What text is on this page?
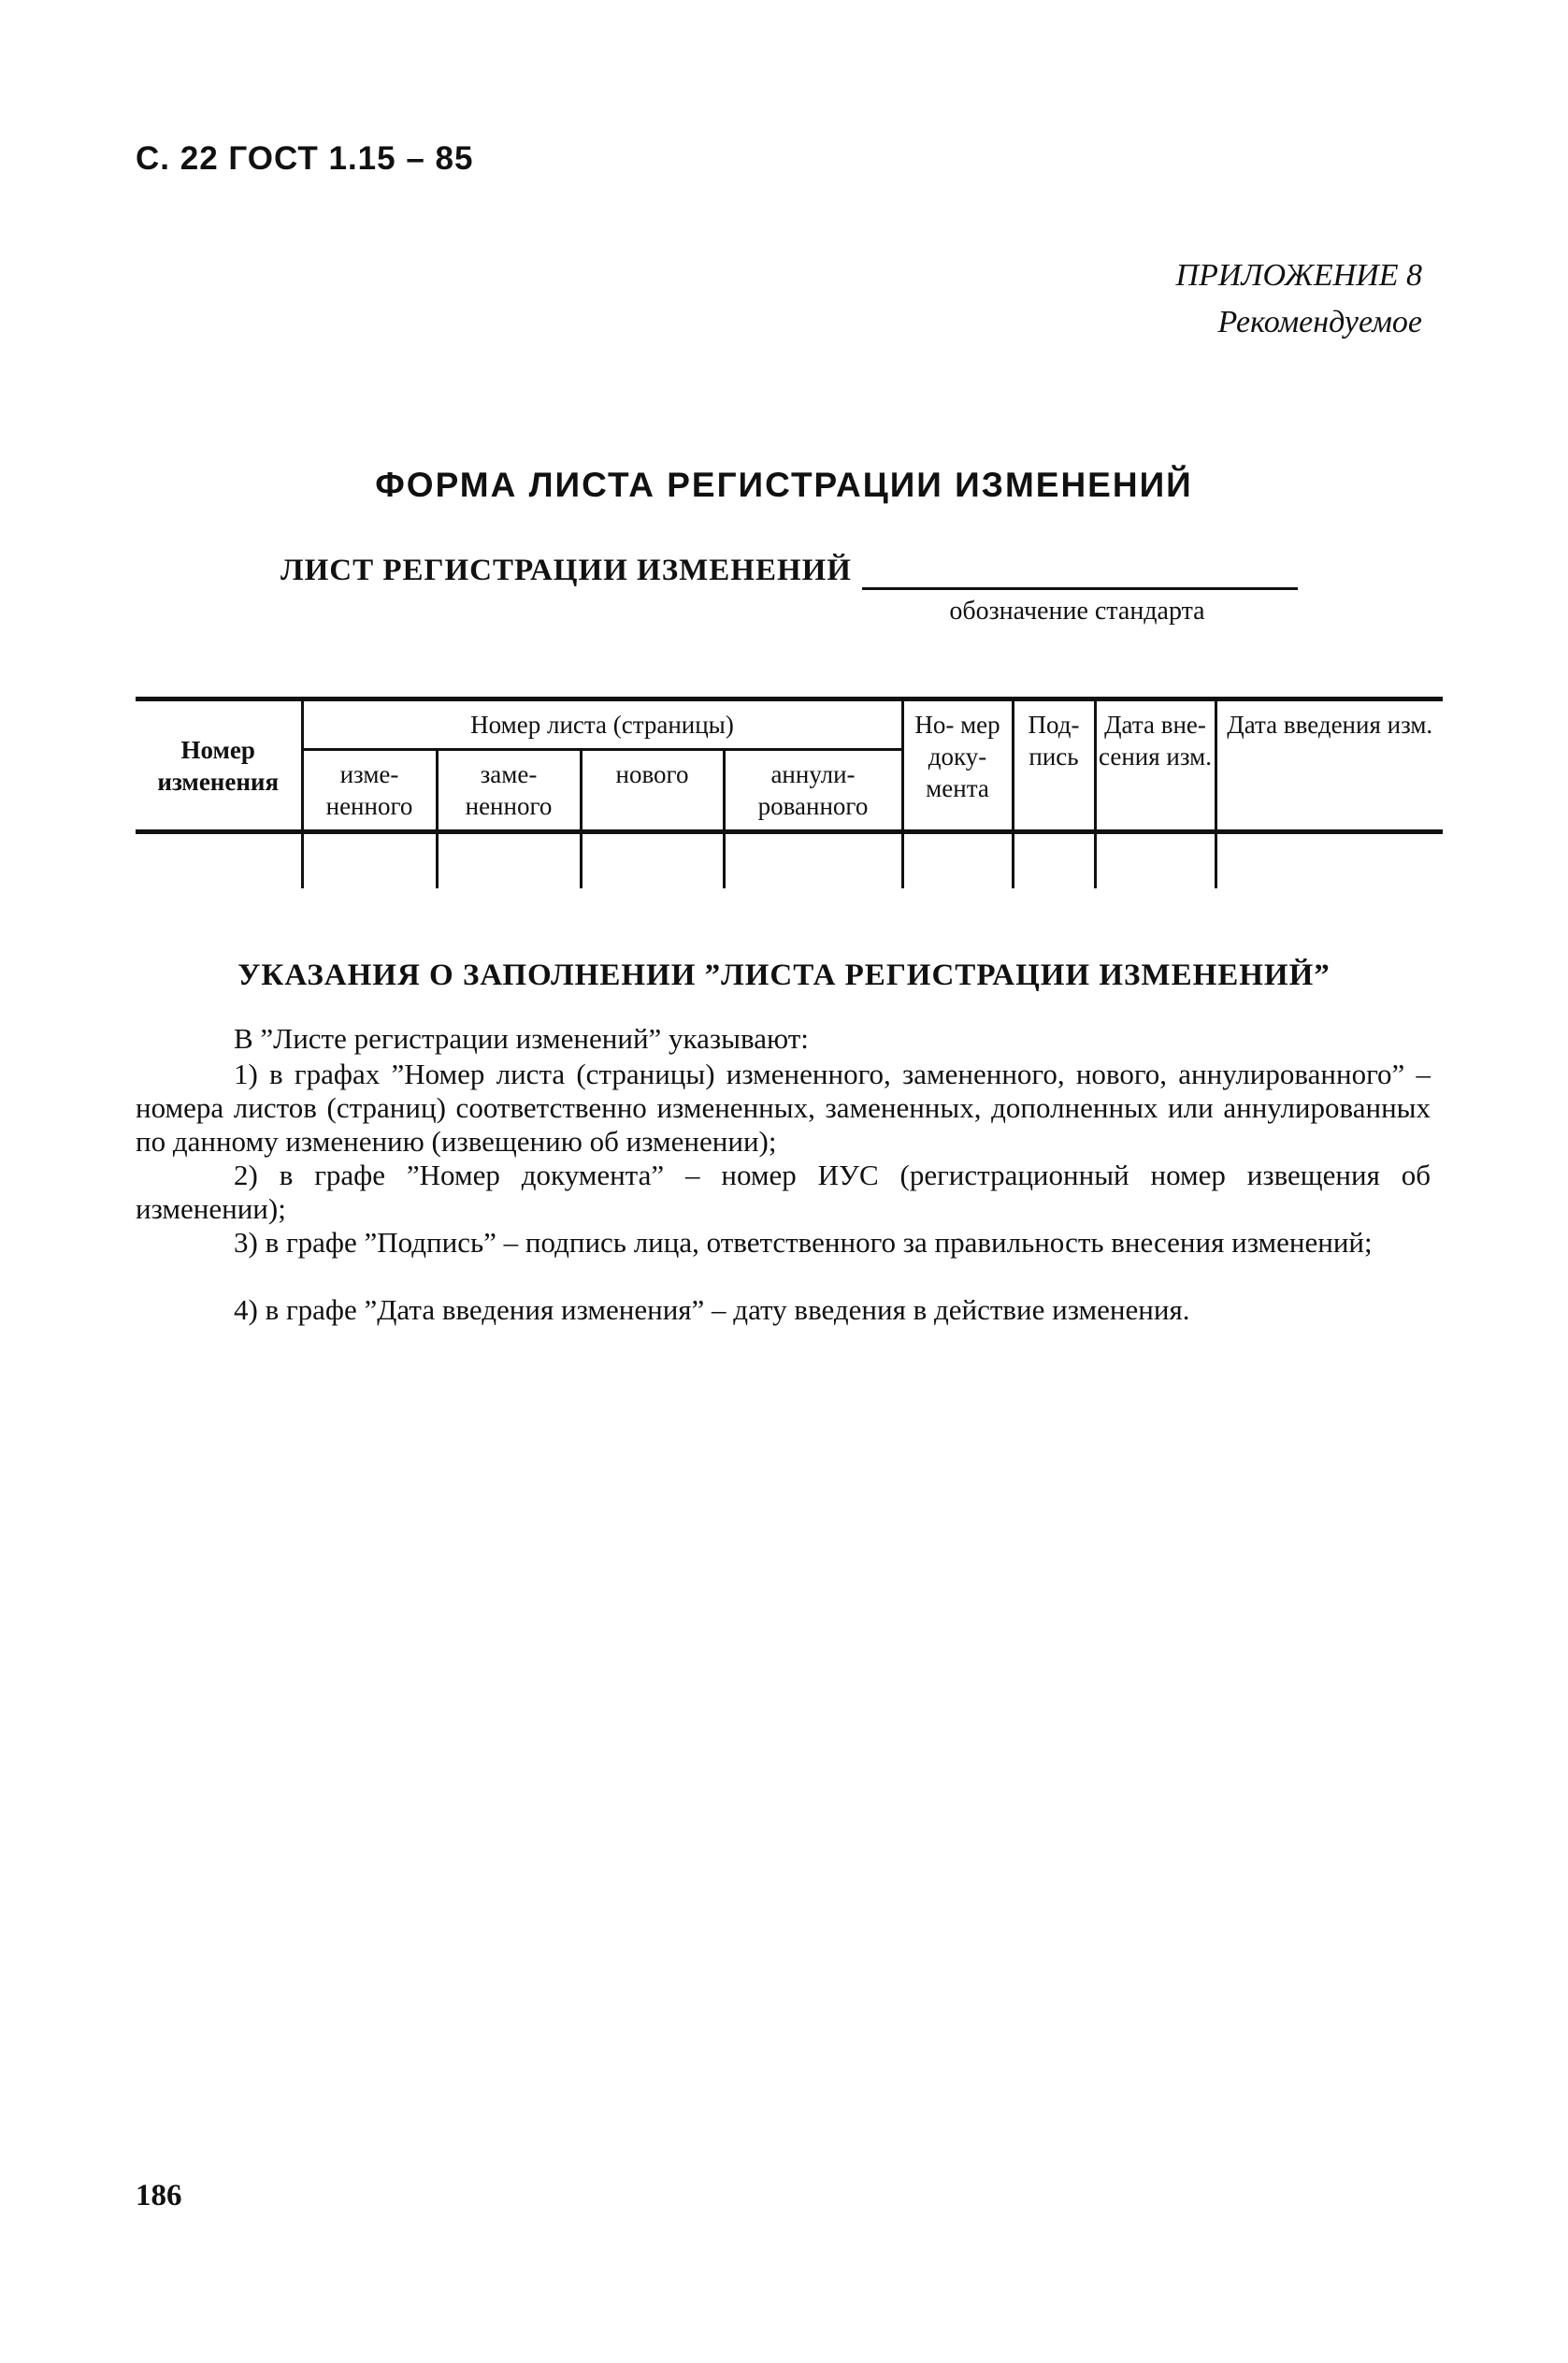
С. 22 ГОСТ 1.15 – 85
ПРИЛОЖЕНИЕ 8
Рекомендуемое
ФОРМА ЛИСТА РЕГИСТРАЦИИ ИЗМЕНЕНИЙ
ЛИСТ РЕГИСТРАЦИИ ИЗМЕНЕНИЙ
обозначение стандарта
Номер изменения	Номер листа (страницы)				Но- мер доку- мента	Под- пись	Дата вне- сения изм.	Дата введения изм.
	изме- ненного	заме- ненного	нового	аннули- рованного				

УКАЗАНИЯ О ЗАПОЛНЕНИИ ”ЛИСТА РЕГИСТРАЦИИ ИЗМЕНЕНИЙ”
В ”Листе регистрации изменений” указывают:
1) в графах ”Номер листа (страницы) измененного, замененного, нового, аннулированного” – номера листов (страниц) соответственно измененных, замененных, дополненных или аннулированных по данному изменению (извещению об изменении);
2) в графе ”Номер документа” – номер ИУС (регистрационный номер извещения об изменении);
3) в графе ”Подпись” – подпись лица, ответственного за правильность внесения изменений;
4) в графе ”Дата введения изменения” – дату введения в действие изменения.
186
